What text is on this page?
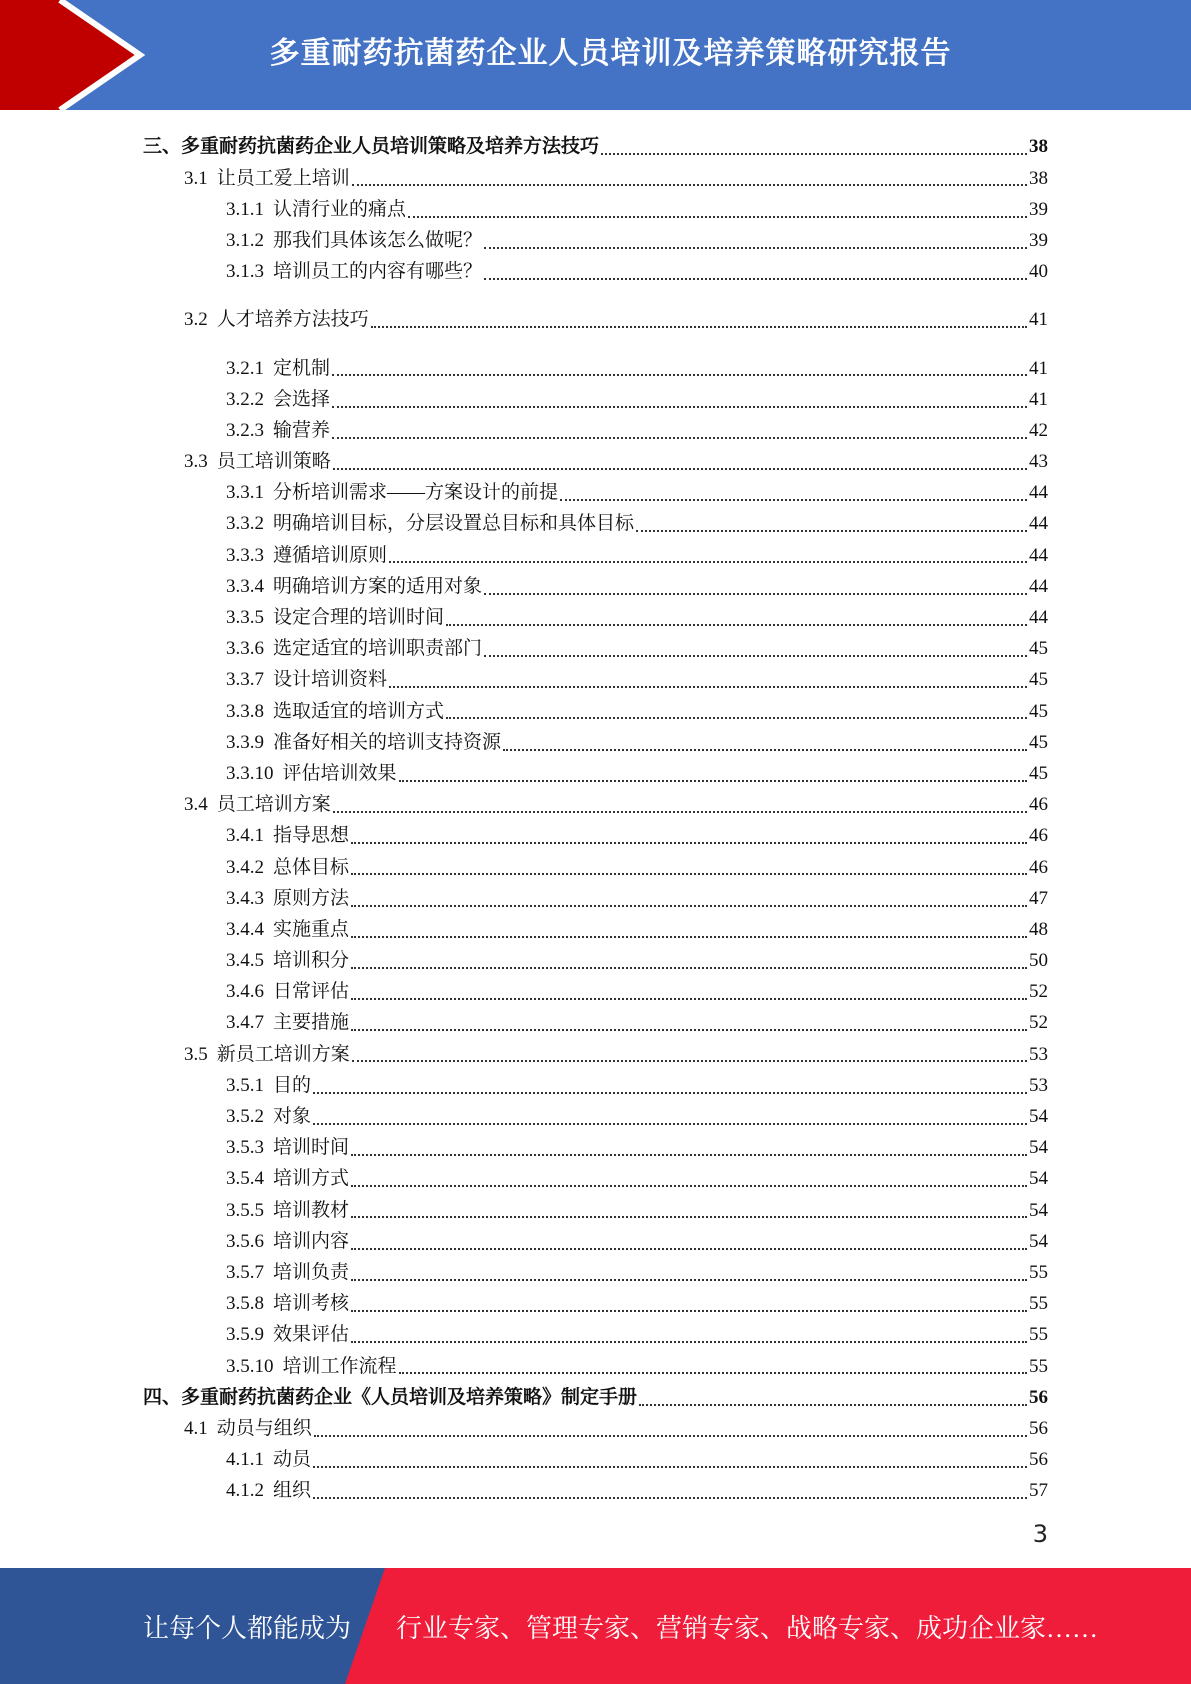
多重耐药抗菌药企业人员培训及培养策略研究报告
三、 多重耐药抗菌药企业人员培训策略及培养方法技巧	38
3.1 让员工爱上培训	38
3.1.1 认清行业的痛点	39
3.1.2 那我们具体该怎么做呢？	39
3.1.3 培训员工的内容有哪些？	40
3.2 人才培养方法技巧	41
3.2.1 定机制	41
3.2.2 会选择	41
3.2.3 输营养	42
3.3 员工培训策略	43
3.3.1 分析培训需求——方案设计的前提	44
3.3.2 明确培训目标，分层设置总目标和具体目标	44
3.3.3 遵循培训原则	44
3.3.4 明确培训方案的适用对象	44
3.3.5 设定合理的培训时间	44
3.3.6 选定适宜的培训职责部门	45
3.3.7 设计培训资料	45
3.3.8 选取适宜的培训方式	45
3.3.9 准备好相关的培训支持资源	45
3.3.10 评估培训效果	45
3.4 员工培训方案	46
3.4.1 指导思想	46
3.4.2 总体目标	46
3.4.3 原则方法	47
3.4.4 实施重点	48
3.4.5 培训积分	50
3.4.6 日常评估	52
3.4.7 主要措施	52
3.5 新员工培训方案	53
3.5.1 目的	53
3.5.2 对象	54
3.5.3 培训时间	54
3.5.4 培训方式	54
3.5.5 培训教材	54
3.5.6 培训内容	54
3.5.7 培训负责	55
3.5.8 培训考核	55
3.5.9 效果评估	55
3.5.10 培训工作流程	55
四、 多重耐药抗菌药企业《人员培训及培养策略》制定手册	56
4.1 动员与组织	56
4.1.1 动员	56
4.1.2 组织	57
3
让每个人都能成为 行业专家、管理专家、营销专家、战略专家、成功企业家……
